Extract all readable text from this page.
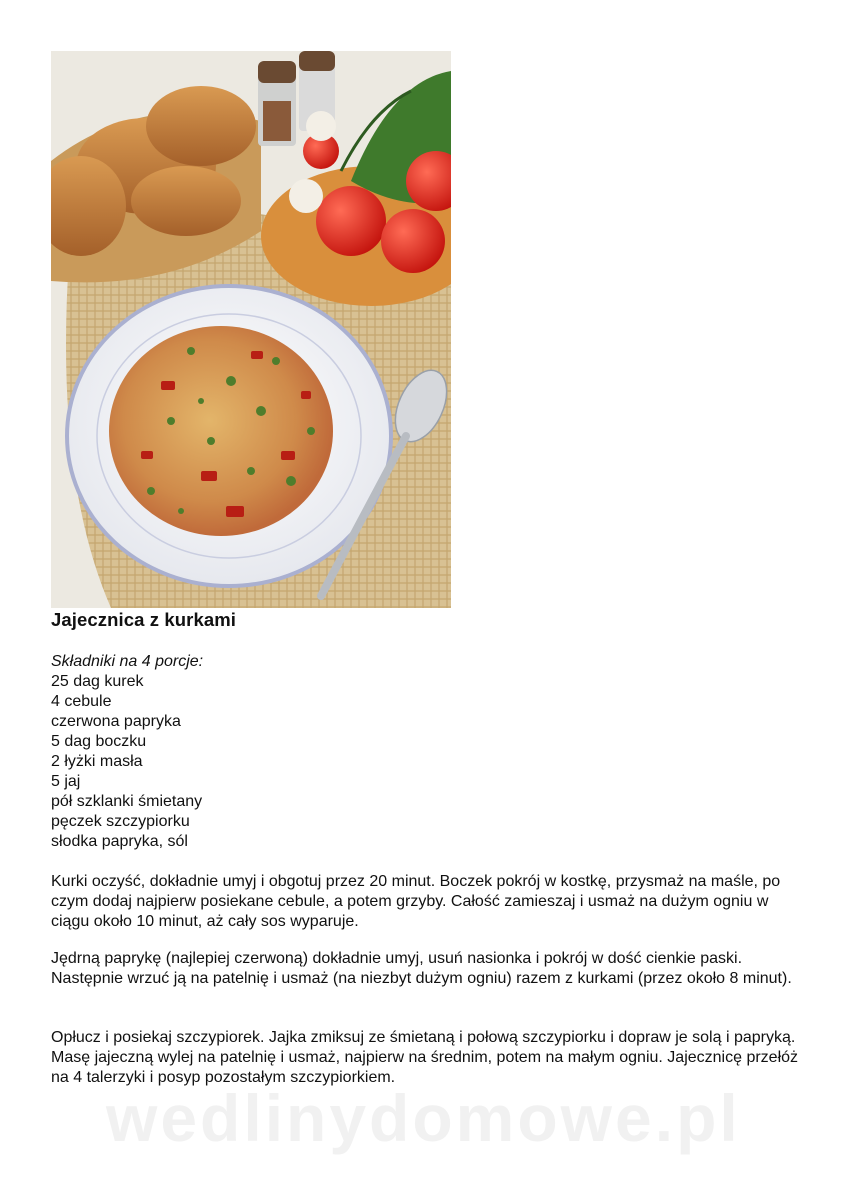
Jajecznica z kurkami
Składniki na 4 porcje:
25 dag kurek
4 cebule
czerwona papryka
5 dag boczku
2 łyżki masła
5 jaj
pół szklanki śmietany
pęczek szczypiorku
słodka papryka, sól

Kurki oczyść, dokładnie umyj i obgotuj przez 20 minut. Boczek pokrój w kostkę, przysmaż na maśle, po czym dodaj najpierw posiekane cebule, a potem grzyby. Całość zamieszaj i usmaż na dużym ogniu w ciągu około 10 minut, aż cały sos wyparuje.

Jędrną paprykę (najlepiej czerwoną) dokładnie umyj, usuń nasionka i pokrój w dość cienkie paski. Następnie wrzuć ją na patelnię i usmaż (na niezbyt dużym ogniu) razem z kurkami (przez około 8 minut).

Opłucz i posiekaj szczypiorek. Jajka zmiksuj ze śmietaną i połową szczypiorku i dopraw je solą i papryką. Masę jajeczną wylej na patelnię i usmaż, najpierw na średnim, potem na małym ogniu. Jajecznicę przełóż na 4 talerzyki i posyp pozostałym szczypiorkiem.

wedlinydomowe.pl
